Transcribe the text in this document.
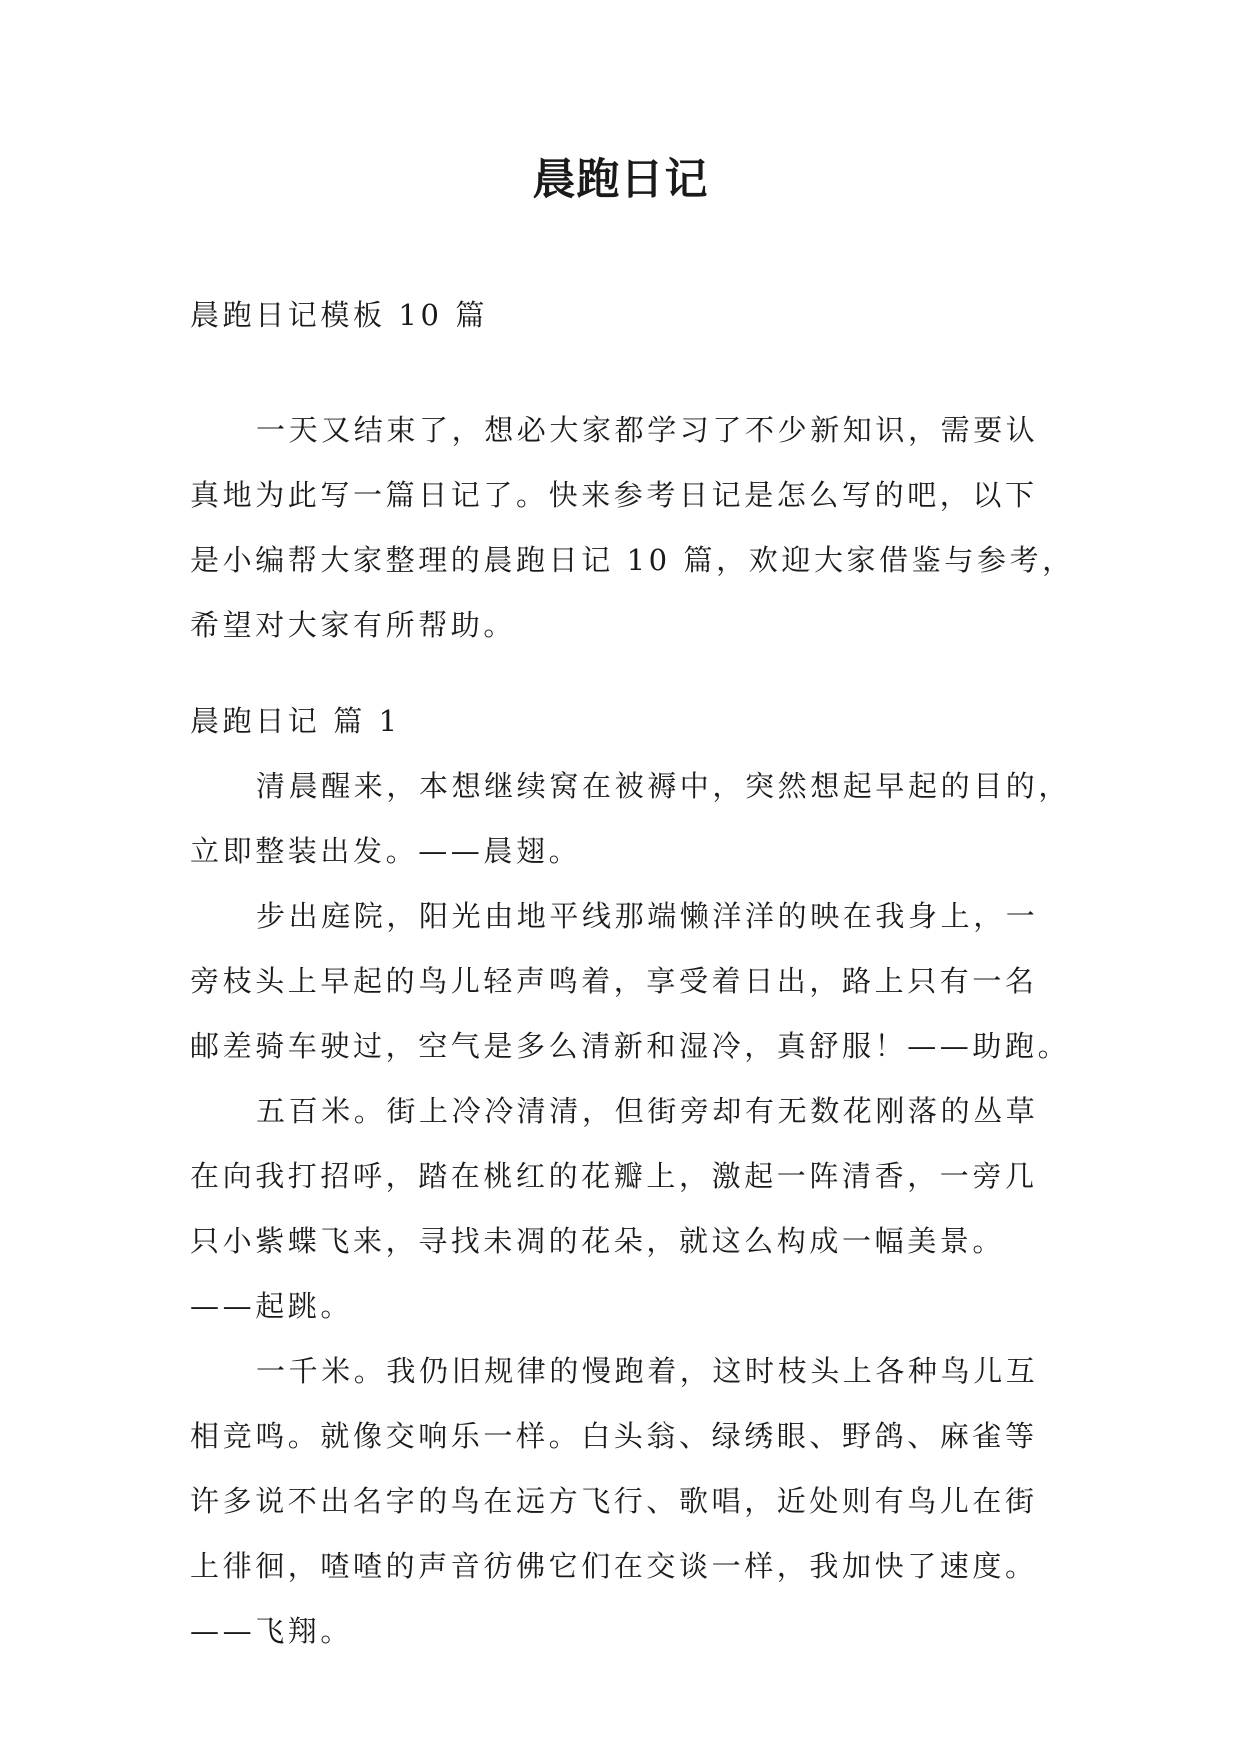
晨跑日记
晨跑日记模板 10 篇
一天又结束了，想必大家都学习了不少新知识，需要认
真地为此写一篇日记了。快来参考日记是怎么写的吧，以下
是小编帮大家整理的晨跑日记 10 篇，欢迎大家借鉴与参考，
希望对大家有所帮助。
晨跑日记 篇 1
清晨醒来，本想继续窝在被褥中，突然想起早起的目的，
立即整装出发。——晨翅。
步出庭院，阳光由地平线那端懒洋洋的映在我身上，一
旁枝头上早起的鸟儿轻声鸣着，享受着日出，路上只有一名
邮差骑车驶过，空气是多么清新和湿冷，真舒服！——助跑。
五百米。街上冷冷清清，但街旁却有无数花刚落的丛草
在向我打招呼，踏在桃红的花瓣上，激起一阵清香，一旁几
只小紫蝶飞来，寻找未凋的花朵，就这么构成一幅美景。
——起跳。
一千米。我仍旧规律的慢跑着，这时枝头上各种鸟儿互
相竞鸣。就像交响乐一样。白头翁、绿绣眼、野鸽、麻雀等
许多说不出名字的鸟在远方飞行、歌唱，近处则有鸟儿在街
上徘徊，喳喳的声音彷佛它们在交谈一样，我加快了速度。
——飞翔。
